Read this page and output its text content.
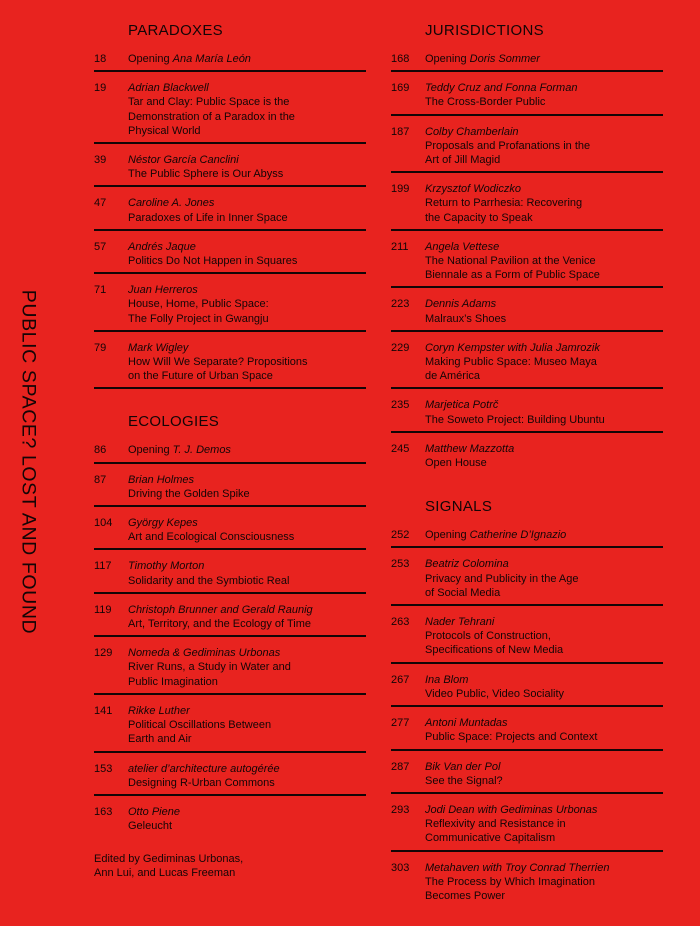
PUBLIC SPACE? LOST AND FOUND
PARADOXES
18	Opening Ana María León
19	Adrian Blackwell
Tar and Clay: Public Space is the
Demonstration of a Paradox in the
Physical World
39	Néstor García Canclini
The Public Sphere is Our Abyss
47	Caroline A. Jones
Paradoxes of Life in Inner Space
57	Andrés Jaque
Politics Do Not Happen in Squares
71	Juan Herreros
House, Home, Public Space:
The Folly Project in Gwangju
79	Mark Wigley
How Will We Separate? Propositions
on the Future of Urban Space
ECOLOGIES
86	Opening T. J. Demos
87	Brian Holmes
Driving the Golden Spike
104	György Kepes
Art and Ecological Consciousness
117	Timothy Morton
Solidarity and the Symbiotic Real
119	Christoph Brunner and Gerald Raunig
Art, Territory, and the Ecology of Time
129	Nomeda & Gediminas Urbonas
River Runs, a Study in Water and
Public Imagination
141	Rikke Luther
Political Oscillations Between
Earth and Air
153	atelier d’architecture autogérée
Designing R-Urban Commons
163	Otto Piene
Geleucht
JURISDICTIONS
168	Opening Doris Sommer
169	Teddy Cruz and Fonna Forman
The Cross-Border Public
187	Colby Chamberlain
Proposals and Profanations in the
Art of Jill Magid
199	Krzysztof Wodiczko
Return to Parrhesia: Recovering
the Capacity to Speak
211	Angela Vettese
The National Pavilion at the Venice
Biennale as a Form of Public Space
223	Dennis Adams
Malraux’s Shoes
229	Coryn Kempster with Julia Jamrozik
Making Public Space: Museo Maya
de América
235	Marjetica Potrč
The Soweto Project: Building Ubuntu
245	Matthew Mazzotta
Open House
SIGNALS
252	Opening Catherine D’Ignazio
253	Beatriz Colomina
Privacy and Publicity in the Age
of Social Media
263	Nader Tehrani
Protocols of Construction,
Specifications of New Media
267	Ina Blom
Video Public, Video Sociality
277	Antoni Muntadas
Public Space: Projects and Context
287	Bik Van der Pol
See the Signal?
293	Jodi Dean with Gediminas Urbonas
Reflexivity and Resistance in
Communicative Capitalism
303	Metahaven with Troy Conrad Therrien
The Process by Which Imagination
Becomes Power
Edited by Gediminas Urbonas,
Ann Lui, and Lucas Freeman
